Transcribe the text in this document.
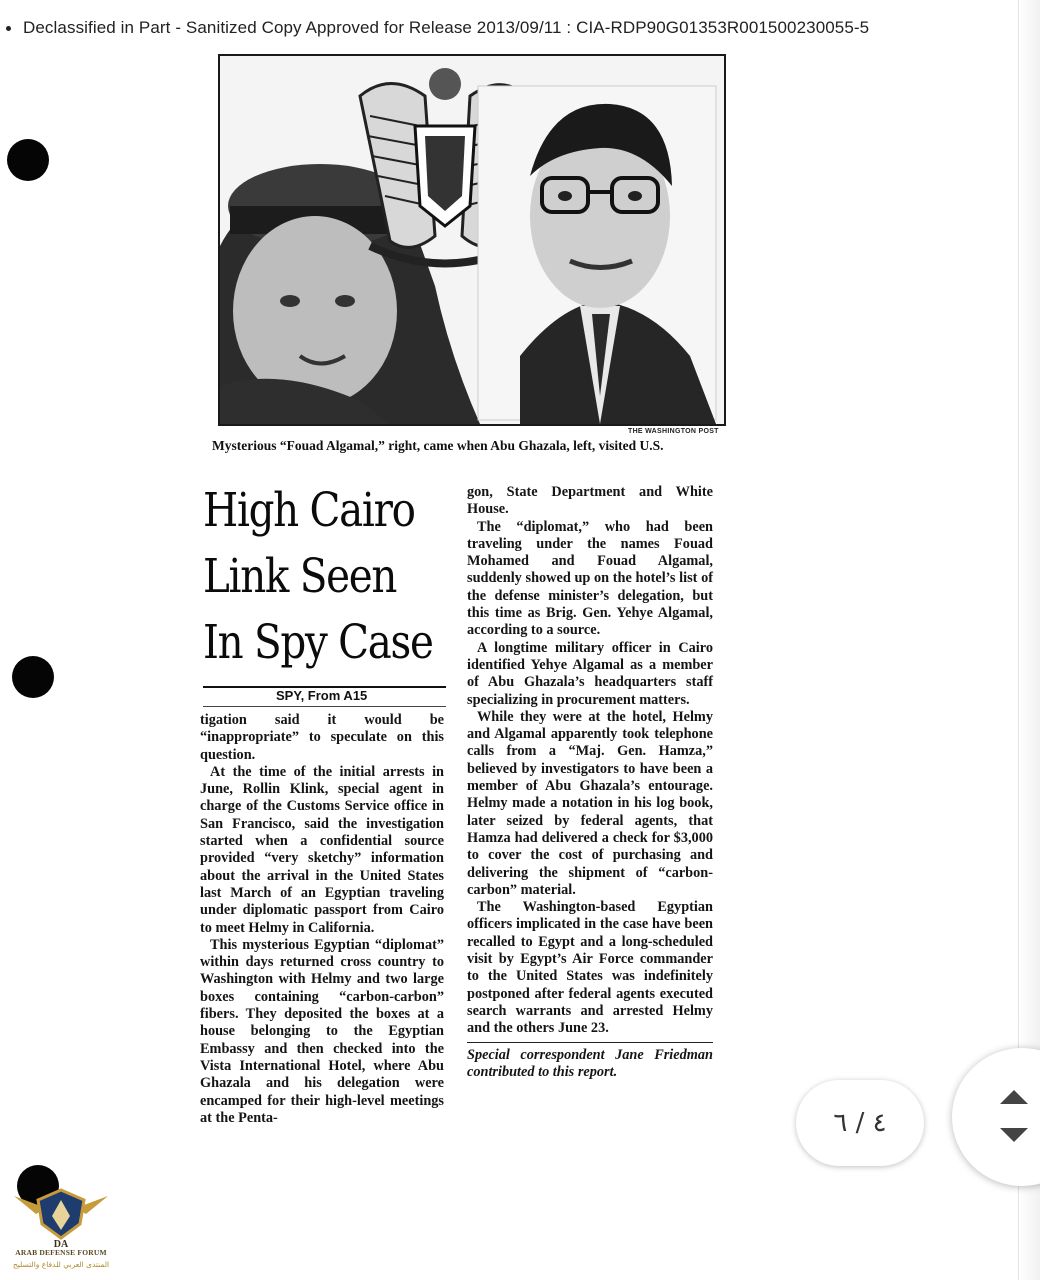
Declassified in Part - Sanitized Copy Approved for Release 2013/09/11 : CIA-RDP90G01353R001500230055-5
THE WASHINGTON POST
Mysterious “Fouad Algamal,” right, came when Abu Ghazala, left, visited U.S.
High Cairo
Link Seen
In Spy Case
SPY, From A15

tigation said it would be “inappropriate” to speculate on this question.

At the time of the initial arrests in June, Rollin Klink, special agent in charge of the Customs Service office in San Francisco, said the investigation started when a confidential source provided “very sketchy” information about the arrival in the United States last March of an Egyptian traveling under diplomatic passport from Cairo to meet Helmy in California.

This mysterious Egyptian “diplomat” within days returned cross country to Washington with Helmy and two large boxes containing “carbon-carbon” fibers. They deposited the boxes at a house belonging to the Egyptian Embassy and then checked into the Vista International Hotel, where Abu Ghazala and his delegation were encamped for their high-level meetings at the Penta-

gon, State Department and White House.

The “diplomat,” who had been traveling under the names Fouad Mohamed and Fouad Algamal, suddenly showed up on the hotel’s list of the defense minister’s delegation, but this time as Brig. Gen. Yehye Algamal, according to a source.

A longtime military officer in Cairo identified Yehye Algamal as a member of Abu Ghazala’s headquarters staff specializing in procurement matters.

While they were at the hotel, Helmy and Algamal apparently took telephone calls from a “Maj. Gen. Hamza,” believed by investigators to have been a member of Abu Ghazala’s entourage. Helmy made a notation in his log book, later seized by federal agents, that Hamza had delivered a check for $3,000 to cover the cost of purchasing and delivering the shipment of “carbon-carbon” material.

The Washington-based Egyptian officers implicated in the case have been recalled to Egypt and a long-scheduled visit by Egypt’s Air Force commander to the United States was indefinitely postponed after federal agents executed search warrants and arrested Helmy and the others June 23.

Special correspondent Jane Friedman contributed to this report.

٤ / ٦
DA
ARAB DEFENSE FORUM
المنتدى العربي للدفاع والتسليح
